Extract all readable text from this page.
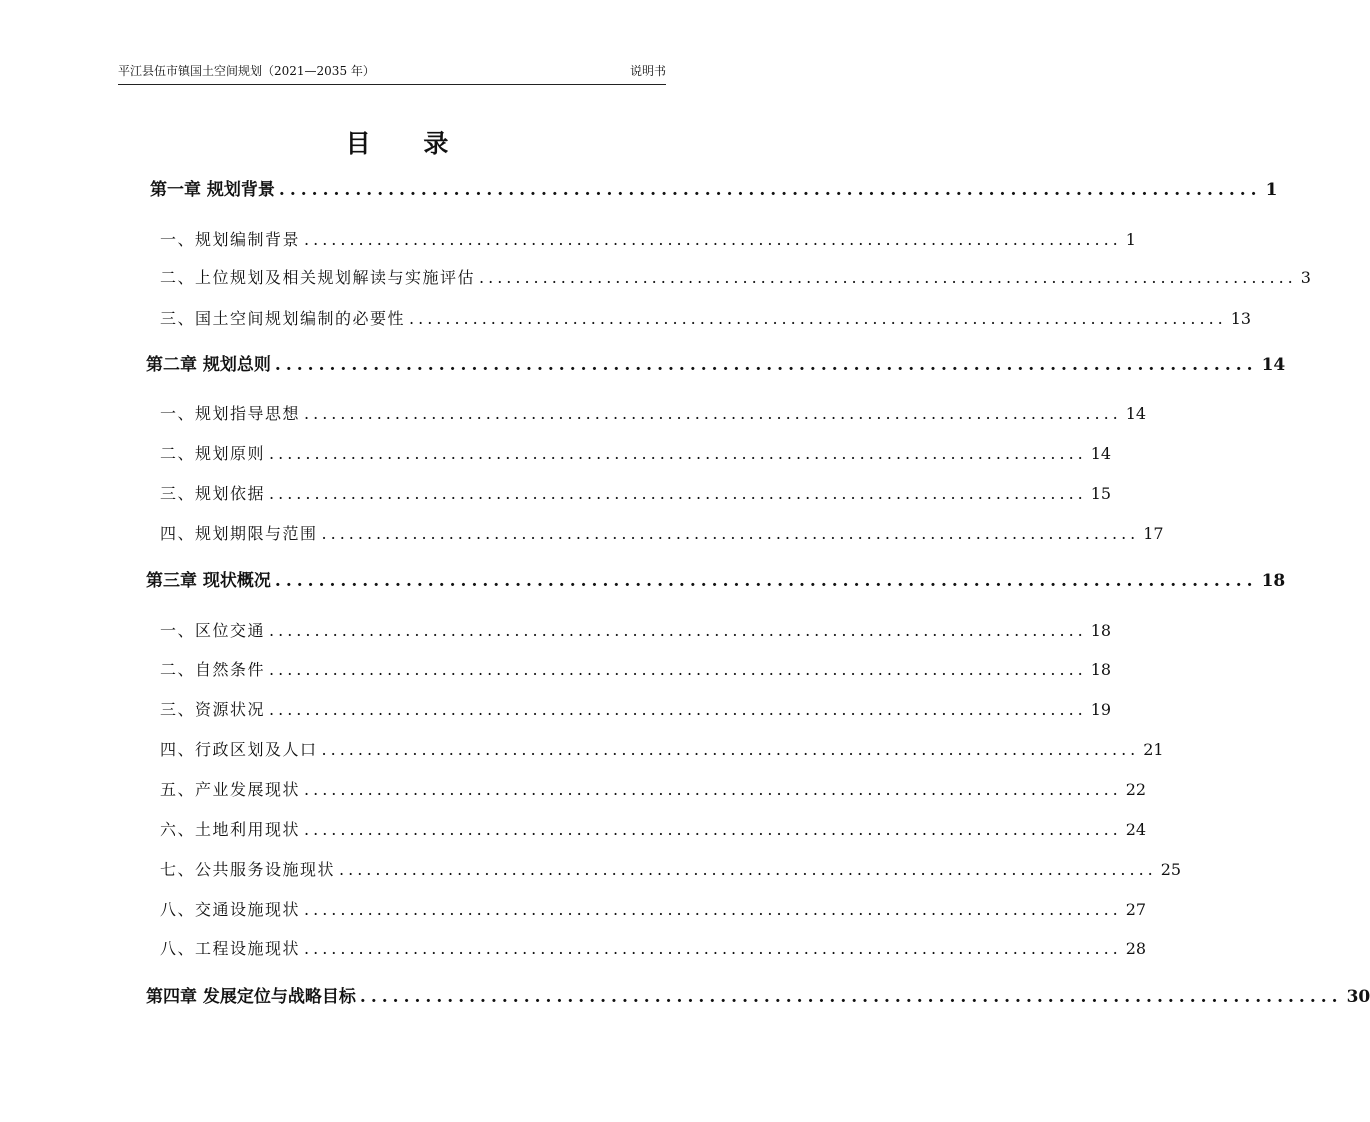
平江县伍市镇国土空间规划（2021—2035 年）	说明书
目 录
第一章 规划背景 .......................................................................................... 1
一、规划编制背景 .......................................................................................... 1
二、上位规划及相关规划解读与实施评估 .......................................................................................... 3
三、国土空间规划编制的必要性 .......................................................................................... 13
第二章 规划总则 .......................................................................................... 14
一、规划指导思想 .......................................................................................... 14
二、规划原则 .......................................................................................... 14
三、规划依据 .......................................................................................... 15
四、规划期限与范围 .......................................................................................... 17
第三章 现状概况 .......................................................................................... 18
一、区位交通 .......................................................................................... 18
二、自然条件 .......................................................................................... 18
三、资源状况 .......................................................................................... 19
四、行政区划及人口 .......................................................................................... 21
五、产业发展现状 .......................................................................................... 22
六、土地利用现状 .......................................................................................... 24
七、公共服务设施现状 .......................................................................................... 25
八、交通设施现状 .......................................................................................... 27
八、工程设施现状 .......................................................................................... 28
第四章 发展定位与战略目标 .......................................................................................... 30
